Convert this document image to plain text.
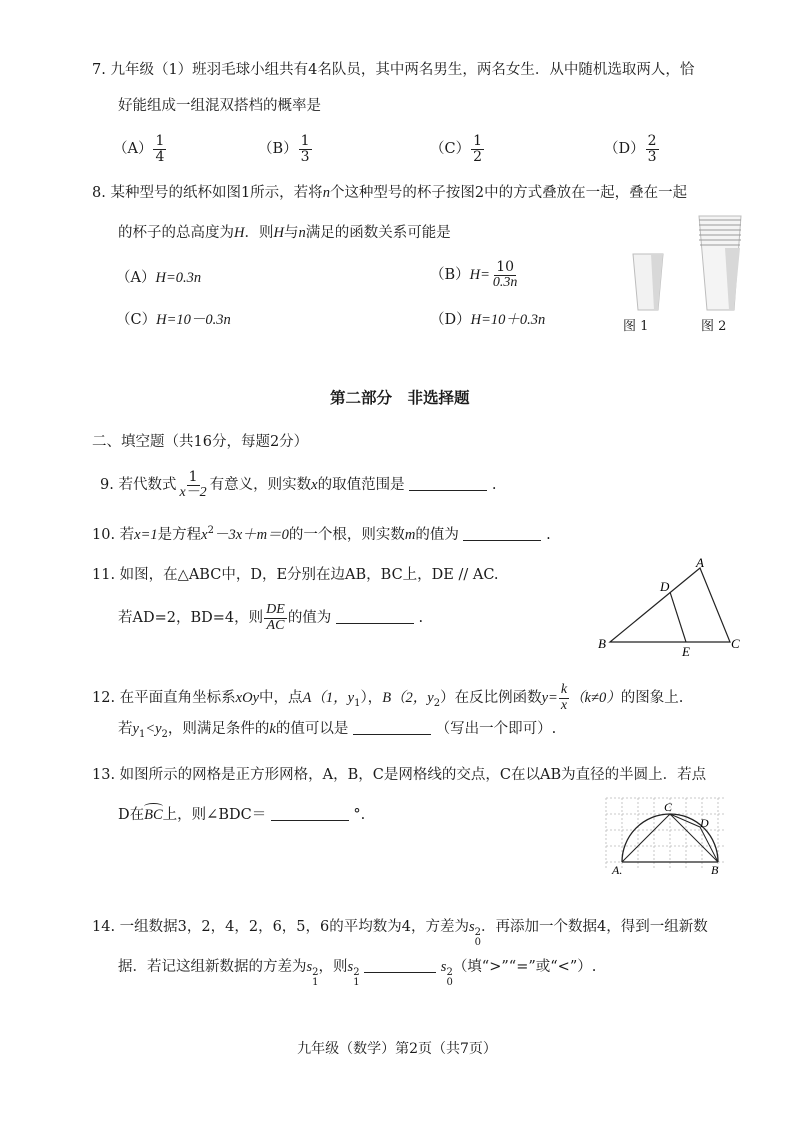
7. 九年级（1）班羽毛球小组共有4名队员，其中两名男生，两名女生．从中随机选取两人，恰
好能组成一组混双搭档的概率是
$(A) \frac{1}{4}$	$(B) \frac{1}{3}$	$(C) \frac{1}{2}$	$(D) \frac{2}{3}$
8. 某种型号的纸杯如图1所示，若将n个这种型号的杯子按图2中的方式叠放在一起，叠在一起
的杯子的总高度为H．则H与n满足的函数关系可能是
（A）H=0.3n	$(B)H= \frac{10}{0.3n}$
（C）H=10－0.3n	（D）H=10＋0.3n	图 1	图 2
第二部分　非选择题
二、填空题（共16分，每题2分）
9. 若代数式 $\frac{1}{x-2}$ 有意义，则实数x的取值范围是	.
10. 若x=1是方程$x^2-3x+m=0$的一个根，则实数m的值为	.
11. 如图，在△ABC中，D，E分别在边AB，BC上，DE // AC.
若AD=2，BD=4，则 $\frac{DE}{AC}$ 的值为	.
A
D
B	C
E
12. 在平面直角坐标系xOy中，点A（1，$y_1$），B（2，$y_2$）在反比例函数$y= \frac{k}{x} (k\ne 0)$的图象上.
若$y_1<y_2$，则满足条件的k的值可以是	（写出一个即可）.
13. 如图所示的网格是正方形网格，A，B，C是网格线的交点，C在以AB为直径的半圆上．若点
D在BC上，则∠BDC＝	°.	C
D
A.	B
14. 一组数据3，2，4，2，6，5，6的平均数为4，方差为s 2
0
．再添加一个数据4，得到一组新数
据．若记这组新数据的方差为s 2
1
，则s 2
1
s 2
0
（填“>”“=”或“<”）.
九年级（数学）第2页（共7页）
